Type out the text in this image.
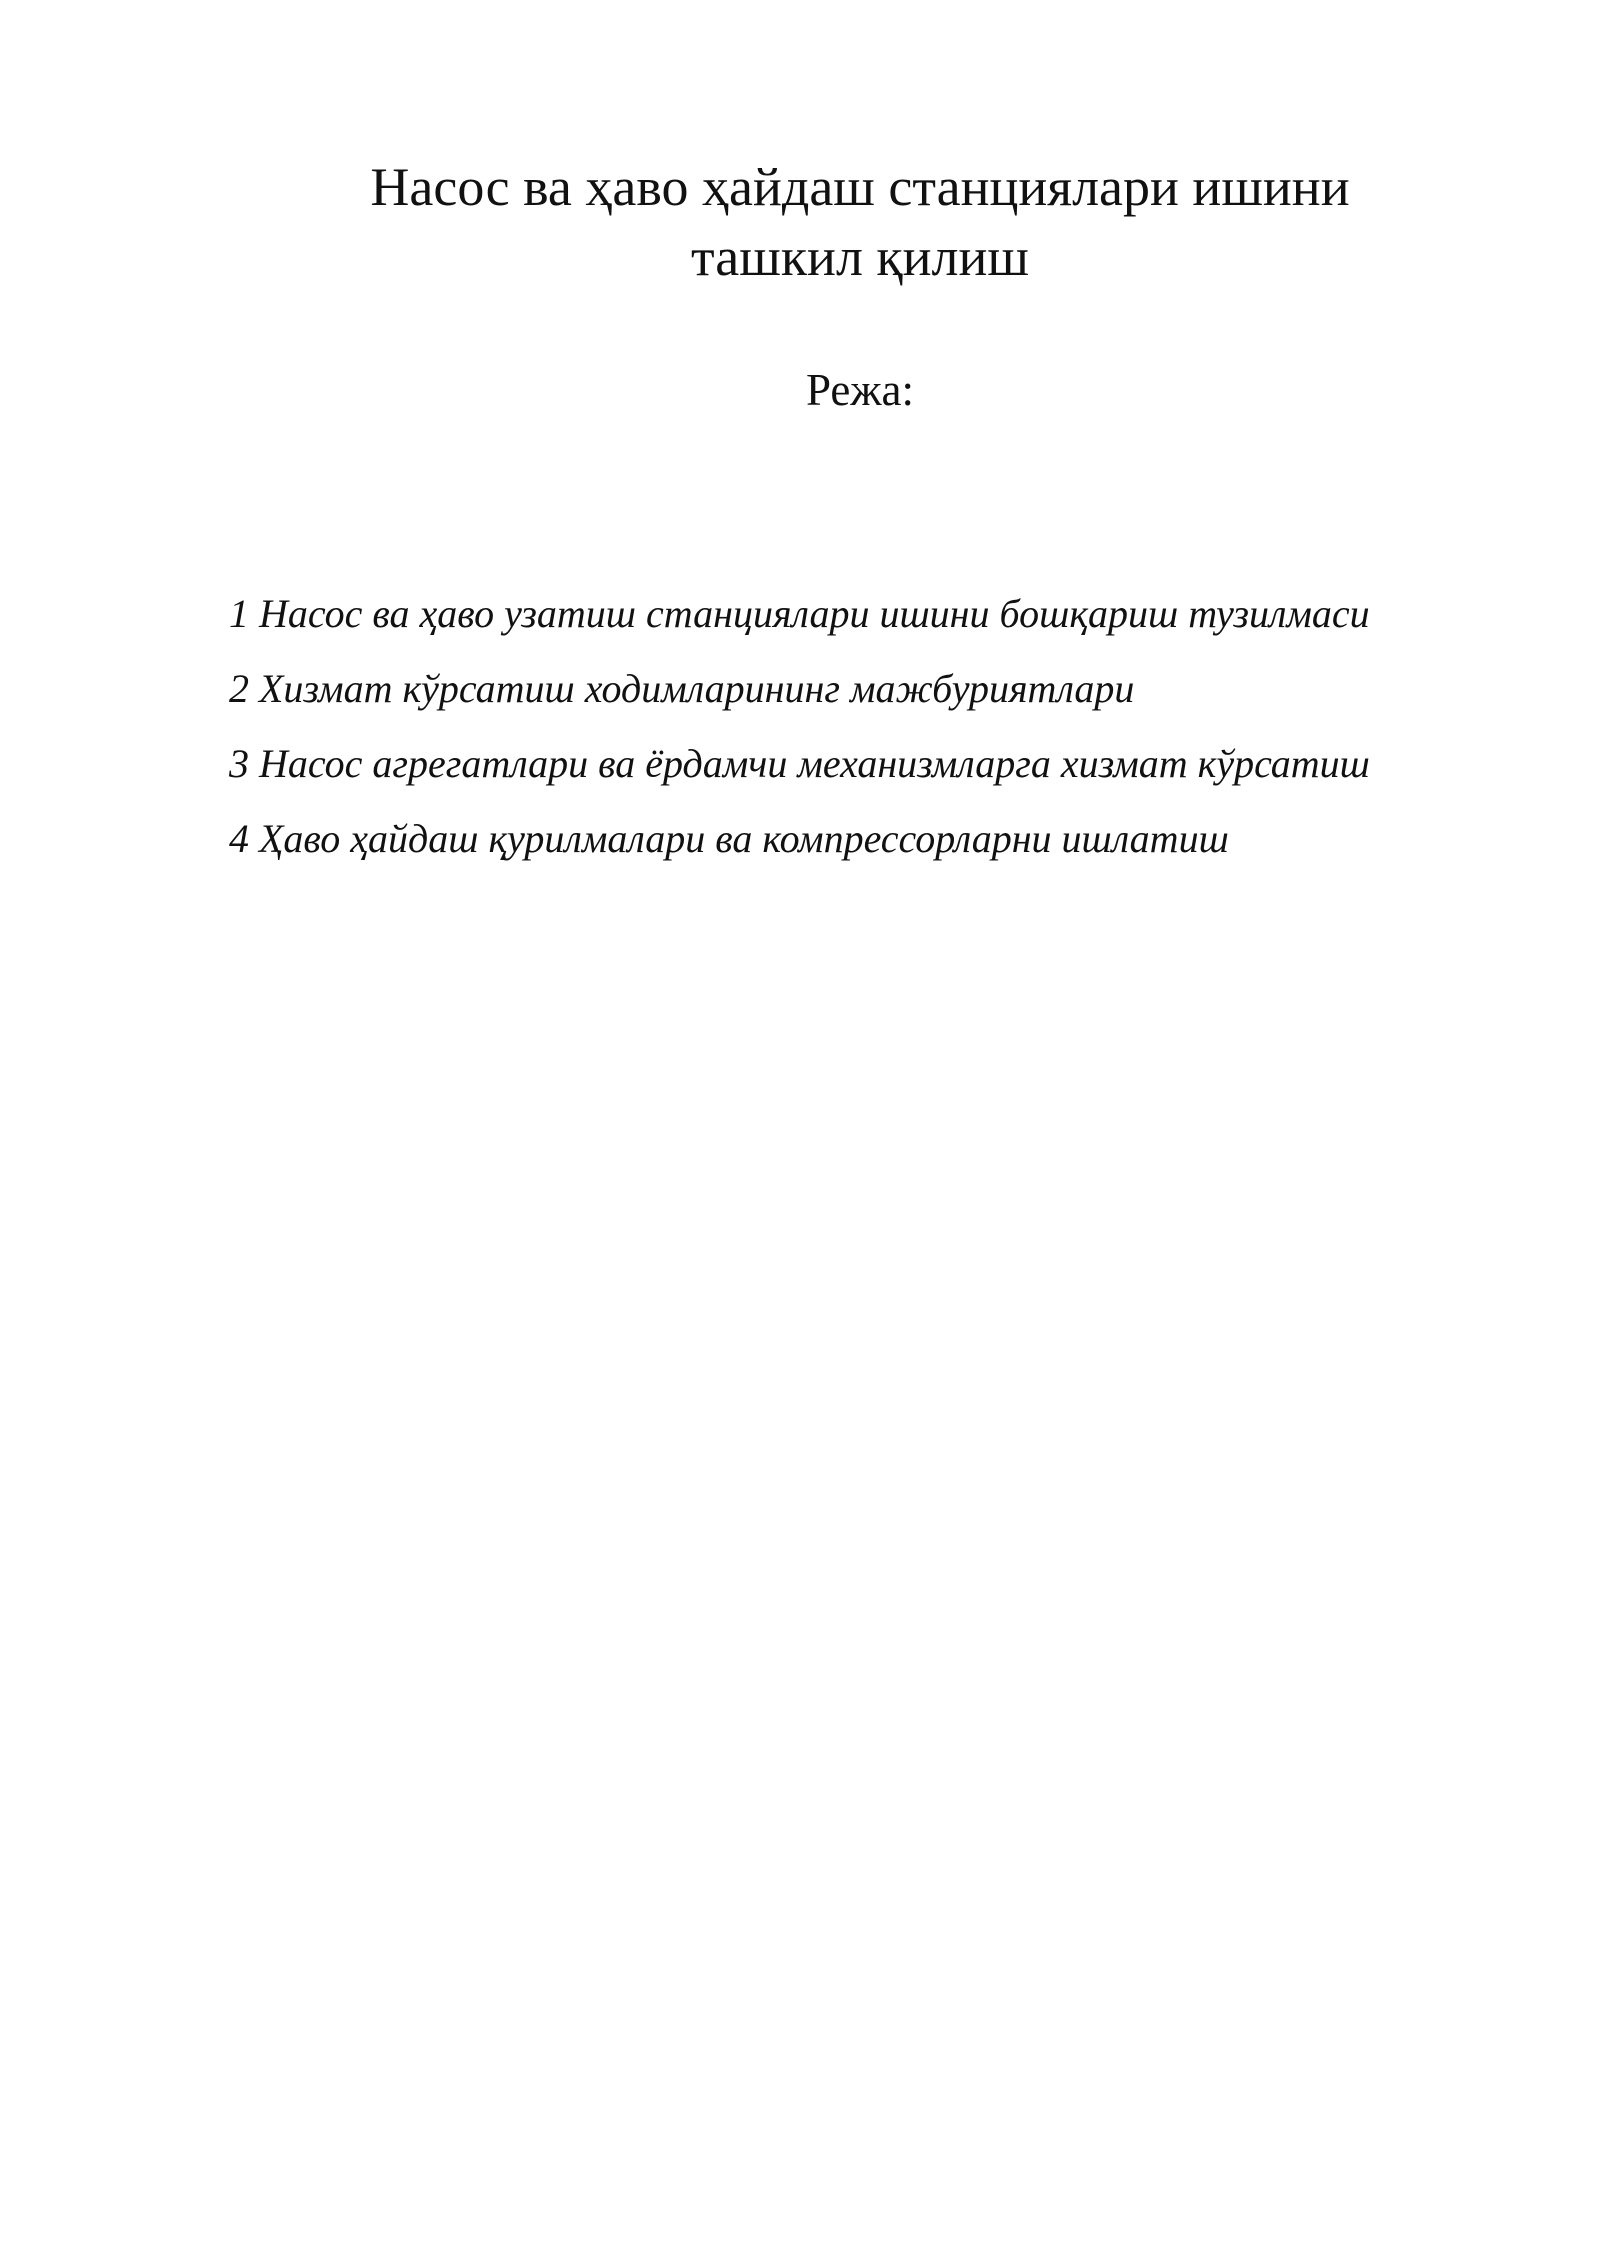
Насос ва ҳаво ҳайдаш станциялари ишини
ташкил қилиш
Режа:
1 Насос ва ҳаво узатиш станциялари ишини бошқариш тузилмаси
2 Хизмат кўрсатиш ходимларининг мажбуриятлари
3 Насос агрегатлари ва ёрдамчи механизмларга хизмат кўрсатиш
4 Ҳаво ҳайдаш қурилмалари ва компрессорларни ишлатиш
